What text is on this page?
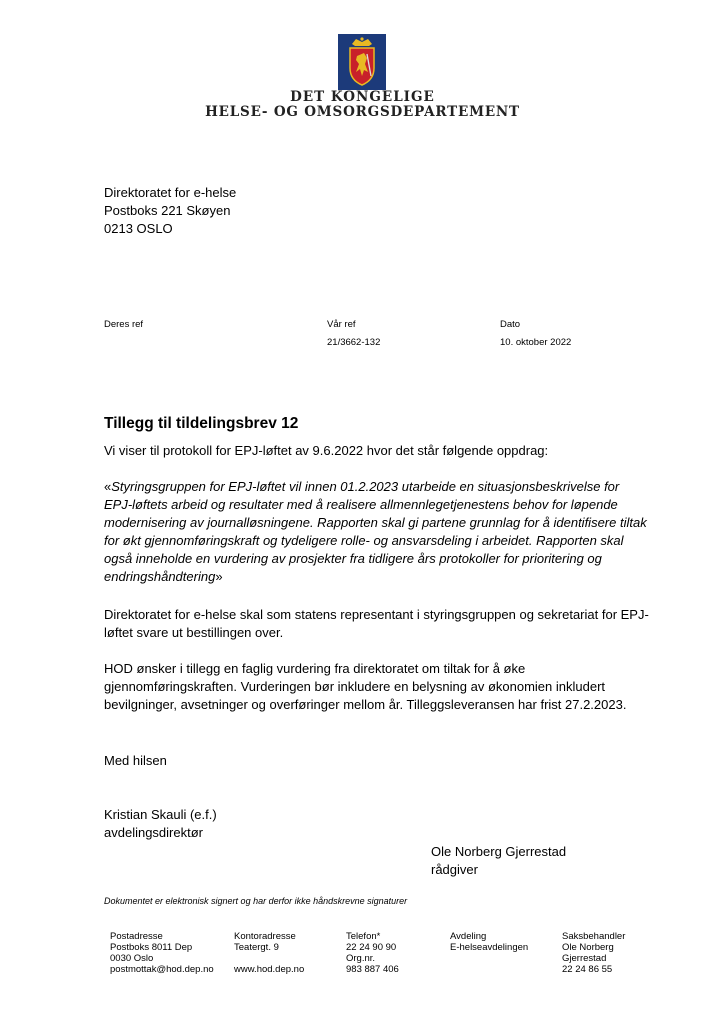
DET KONGELIGE
HELSE- OG OMSORGSDEPARTEMENT
Direktoratet for e-helse
Postboks 221 Skøyen
0213 OSLO
Deres ref	Vår ref
21/3662-132
Dato
10. oktober 2022
Tillegg til tildelingsbrev 12
Vi viser til protokoll for EPJ-løftet av 9.6.2022 hvor det står følgende oppdrag:
«Styringsgruppen for EPJ-løftet vil innen 01.2.2023 utarbeide en situasjonsbeskrivelse for EPJ-løftets arbeid og resultater med å realisere allmennlegetjenestens behov for løpende modernisering av journalløsningene. Rapporten skal gi partene grunnlag for å identifisere tiltak for økt gjennomføringskraft og tydeligere rolle- og ansvarsdeling i arbeidet. Rapporten skal også inneholde en vurdering av prosjekter fra tidligere års protokoller for prioritering og endringshåndtering»
Direktoratet for e-helse skal som statens representant i styringsgruppen og sekretariat for EPJ-løftet svare ut bestillingen over.
HOD ønsker i tillegg en faglig vurdering fra direktoratet om tiltak for å øke gjennomføringskraften. Vurderingen bør inkludere en belysning av økonomien inkludert bevilgninger, avsetninger og overføringer mellom år. Tilleggsleveransen har frist 27.2.2023.
Med hilsen
Kristian Skauli (e.f.)
avdelingsdirektør
Ole Norberg Gjerrestad
rådgiver
Dokumentet er elektronisk signert og har derfor ikke håndskrevne signaturer
Postadresse
Postboks 8011 Dep
0030 Oslo
postmottak@hod.dep.no
Kontoradresse
Teatergt. 9

www.hod.dep.no
Telefon*
22 24 90 90
Org.nr.
983 887 406
Avdeling
E-helseavdelingen
Saksbehandler
Ole Norberg
Gjerrestad
22 24 86 55
